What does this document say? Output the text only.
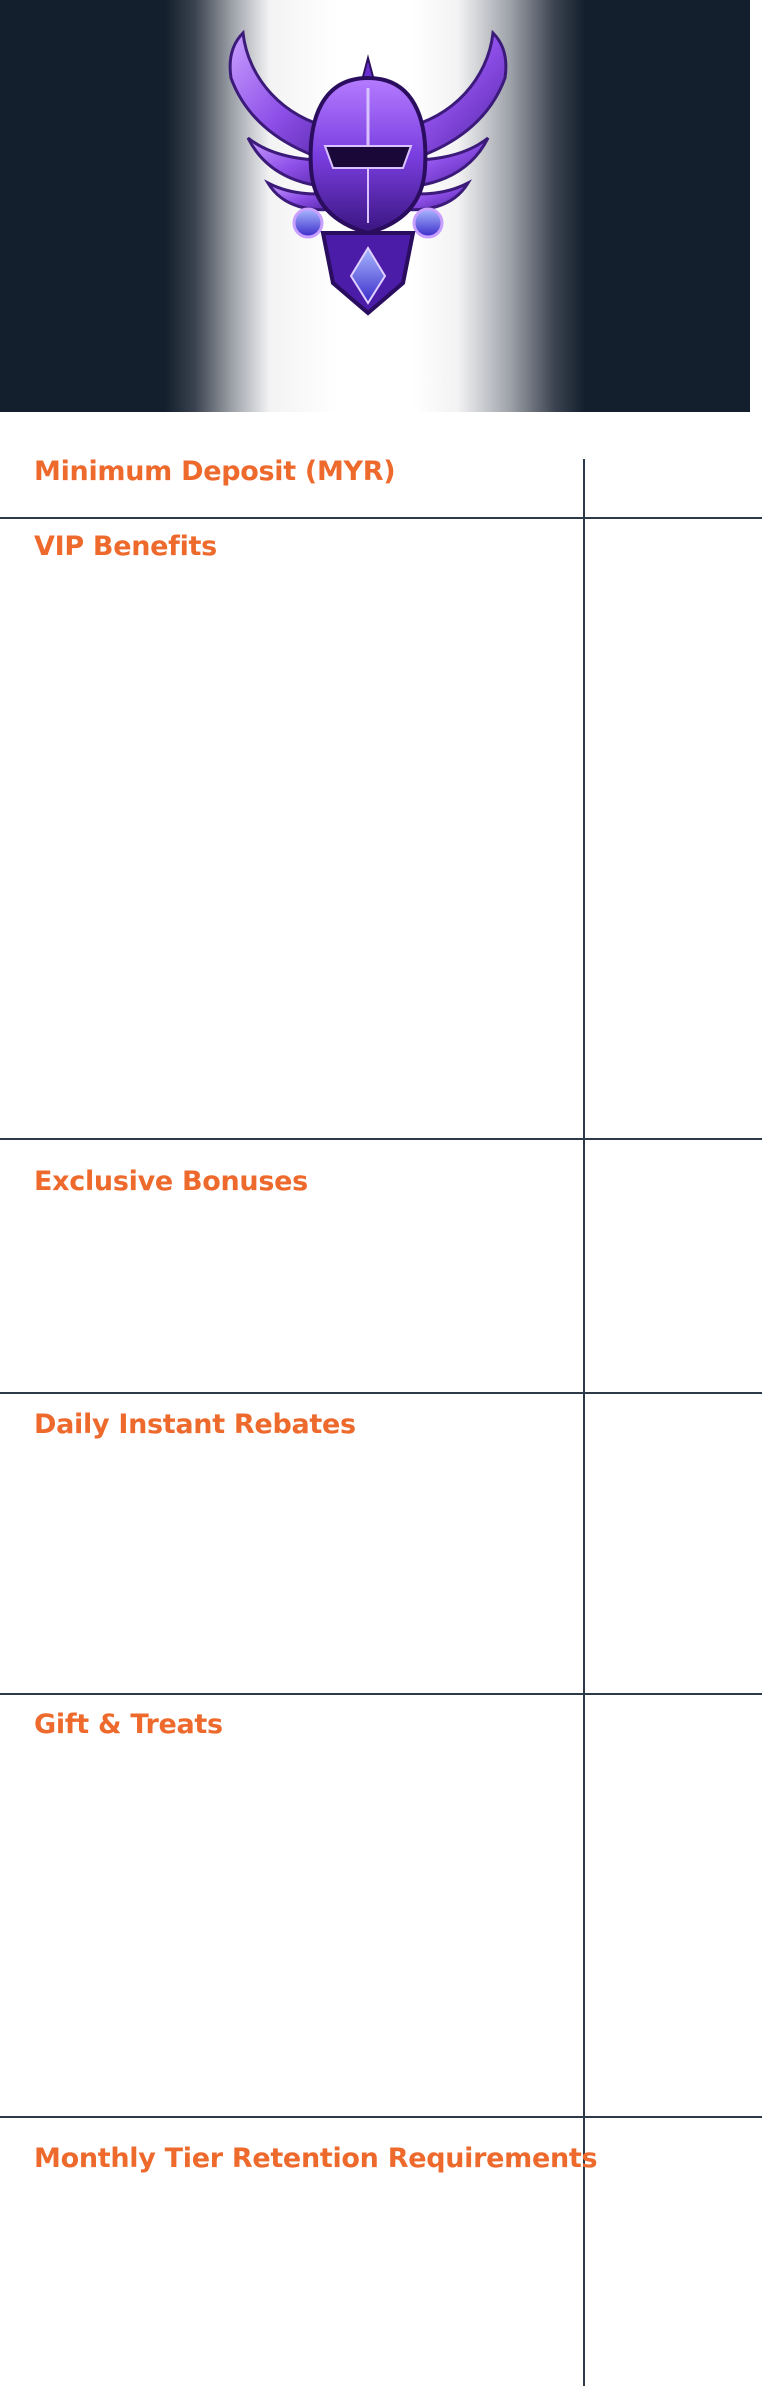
P
Minimum Deposit (MYR)
VIP Benefits
Exclusive Bonuses
Daily Instant Rebates
Gift & Treats
Monthly Tier Retention Requirements
